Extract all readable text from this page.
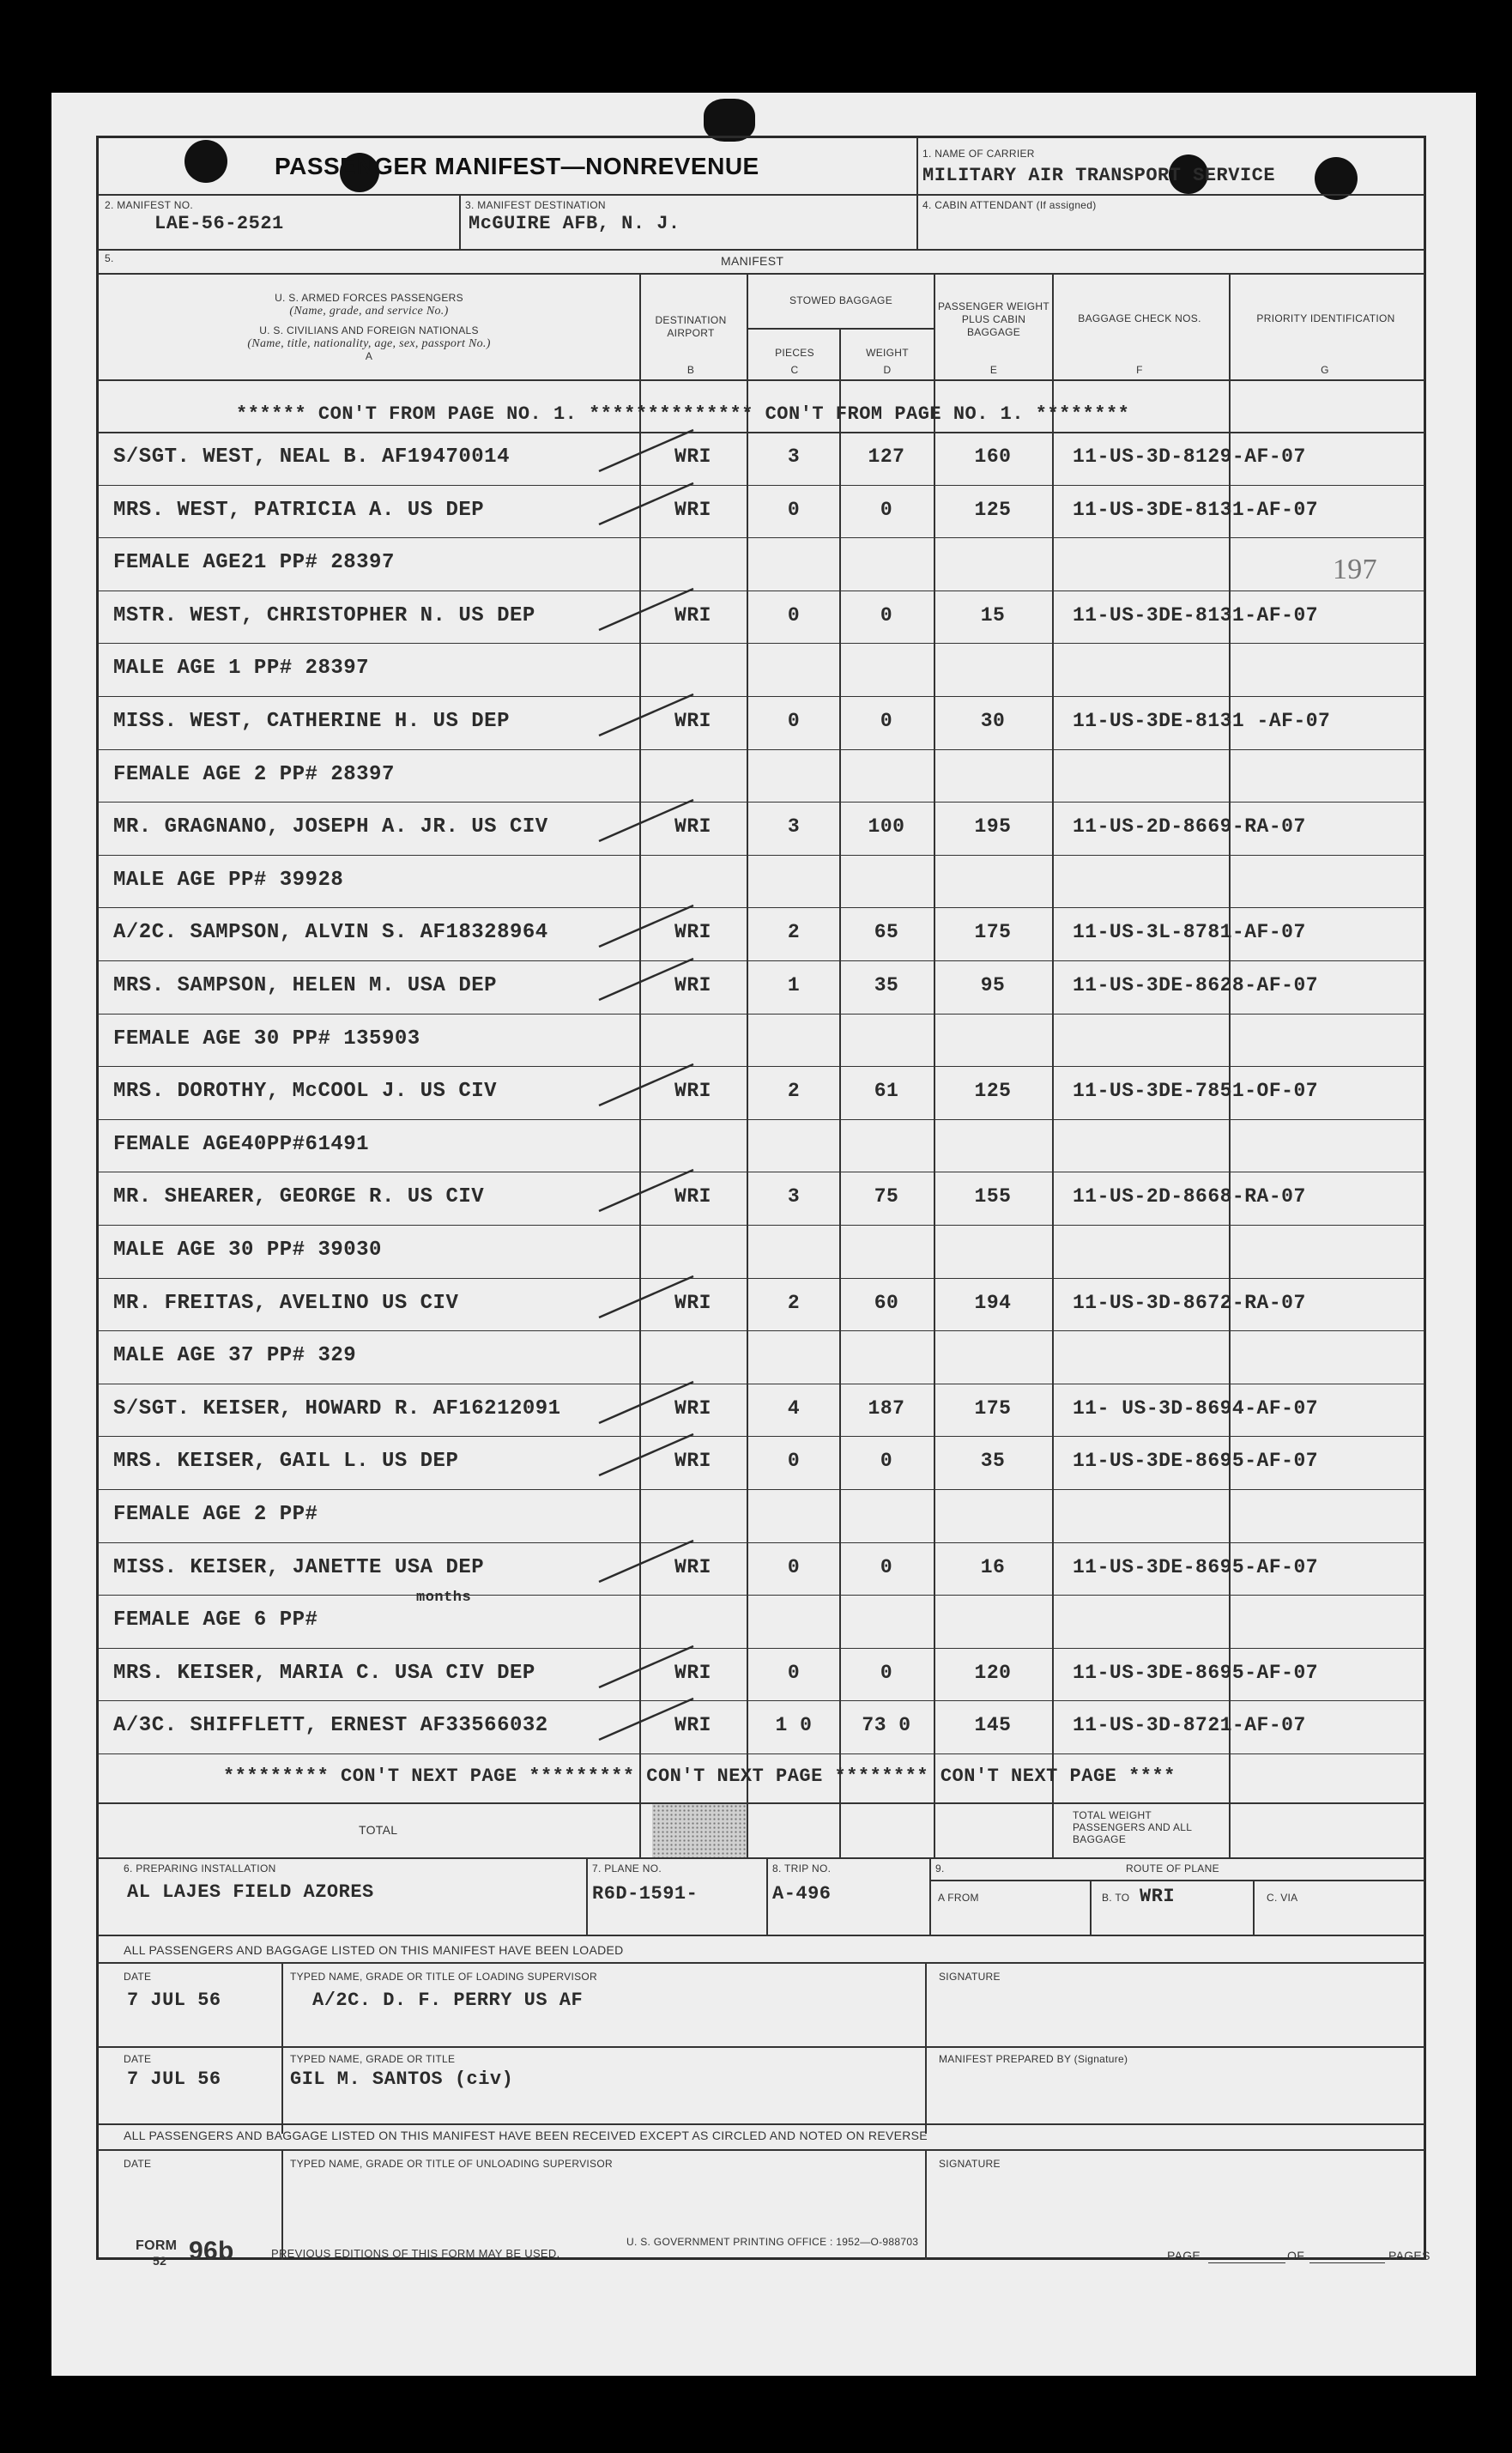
PASSENGER MANIFEST—NONREVENUE	1. NAME OF CARRIER
MILITARY AIR TRANSPORT SERVICE
2. MANIFEST NO.
LAE-56-2521
3. MANIFEST DESTINATION
McGUIRE AFB, N. J.
4. CABIN ATTENDANT (If assigned)
5.	MANIFEST
U. S. ARMED FORCES PASSENGERS
(Name, grade, and service No.)
U. S. CIVILIANS AND FOREIGN NATIONALS
(Name, title, nationality, age, sex, passport No.)
A
DESTINATION AIRPORT
B
STOWED BAGGAGE
PIECES
C
WEIGHT
D
PASSENGER WEIGHT PLUS CABIN BAGGAGE
E
BAGGAGE CHECK NOS.
F
PRIORITY IDENTIFICATION
G
****** CON'T FROM PAGE NO. 1. ************** CON'T FROM PAGE NO. 1. ********
S/SGT. WEST, NEAL B. AF19470014	WRI	3	127	160	11-US-3D-8129-AF-07
MRS. WEST, PATRICIA A. US DEP	WRI	0	0	125	11-US-3DE-8131-AF-07
FEMALE AGE21 PP# 28397
MSTR. WEST, CHRISTOPHER N. US DEP	WRI	0	0	15	11-US-3DE-8131-AF-07
MALE AGE 1 PP# 28397
MISS. WEST, CATHERINE H. US DEP	WRI	0	0	30	11-US-3DE-8131 -AF-07
FEMALE AGE 2 PP# 28397
MR. GRAGNANO, JOSEPH A. JR. US CIV	WRI	3	100	195	11-US-2D-8669-RA-07
MALE AGE PP# 39928
A/2C. SAMPSON, ALVIN S. AF18328964	WRI	2	65	175	11-US-3L-8781-AF-07
MRS. SAMPSON, HELEN M. USA DEP	WRI	1	35	95	11-US-3DE-8628-AF-07
FEMALE AGE 30 PP# 135903
MRS. DOROTHY, McCOOL J. US CIV	WRI	2	61	125	11-US-3DE-7851-OF-07
FEMALE AGE40PP#61491
MR. SHEARER, GEORGE R. US CIV	WRI	3	75	155	11-US-2D-8668-RA-07
MALE AGE 30 PP# 39030
MR. FREITAS, AVELINO US CIV	WRI	2	60	194	11-US-3D-8672-RA-07
MALE AGE 37 PP# 329
S/SGT. KEISER, HOWARD R. AF16212091	WRI	4	187	175	11- US-3D-8694-AF-07
MRS. KEISER, GAIL L. US DEP	WRI	0	0	35	11-US-3DE-8695-AF-07
FEMALE AGE 2 PP#
MISS. KEISER, JANETTE USA DEP	WRI	0	0	16	11-US-3DE-8695-AF-07
FEMALE AGE 6 PP#
MRS. KEISER, MARIA C. USA CIV DEP	WRI	0	0	120	11-US-3DE-8695-AF-07
A/3C. SHIFFLETT, ERNEST AF33566032	WRI	1 0	73 0	145	11-US-3D-8721-AF-07
197
months
********* CON'T NEXT PAGE ********* CON'T NEXT PAGE ******** CON'T NEXT PAGE ****
TOTAL
TOTAL WEIGHT PASSENGERS AND ALL BAGGAGE
6. PREPARING INSTALLATION
AL LAJES FIELD AZORES
7. PLANE NO.
R6D-1591-
8. TRIP NO.
A-496
9.	ROUTE OF PLANE
A FROM	B. TO WRI	C. VIA
ALL PASSENGERS AND BAGGAGE LISTED ON THIS MANIFEST HAVE BEEN LOADED
DATE
7 JUL 56
TYPED NAME, GRADE OR TITLE OF LOADING SUPERVISOR
A/2C. D. F. PERRY US AF
SIGNATURE
DATE
7 JUL 56
TYPED NAME, GRADE OR TITLE
GIL M. SANTOS (civ)
MANIFEST PREPARED BY (Signature)
ALL PASSENGERS AND BAGGAGE LISTED ON THIS MANIFEST HAVE BEEN RECEIVED EXCEPT AS CIRCLED AND NOTED ON REVERSE
DATE	TYPED NAME, GRADE OR TITLE OF UNLOADING SUPERVISOR	SIGNATURE
FORM
52 96b	PREVIOUS EDITIONS OF THIS FORM MAY BE USED.
U. S. GOVERNMENT PRINTING OFFICE : 1952—O-988703
PAGE	OF	PAGES
